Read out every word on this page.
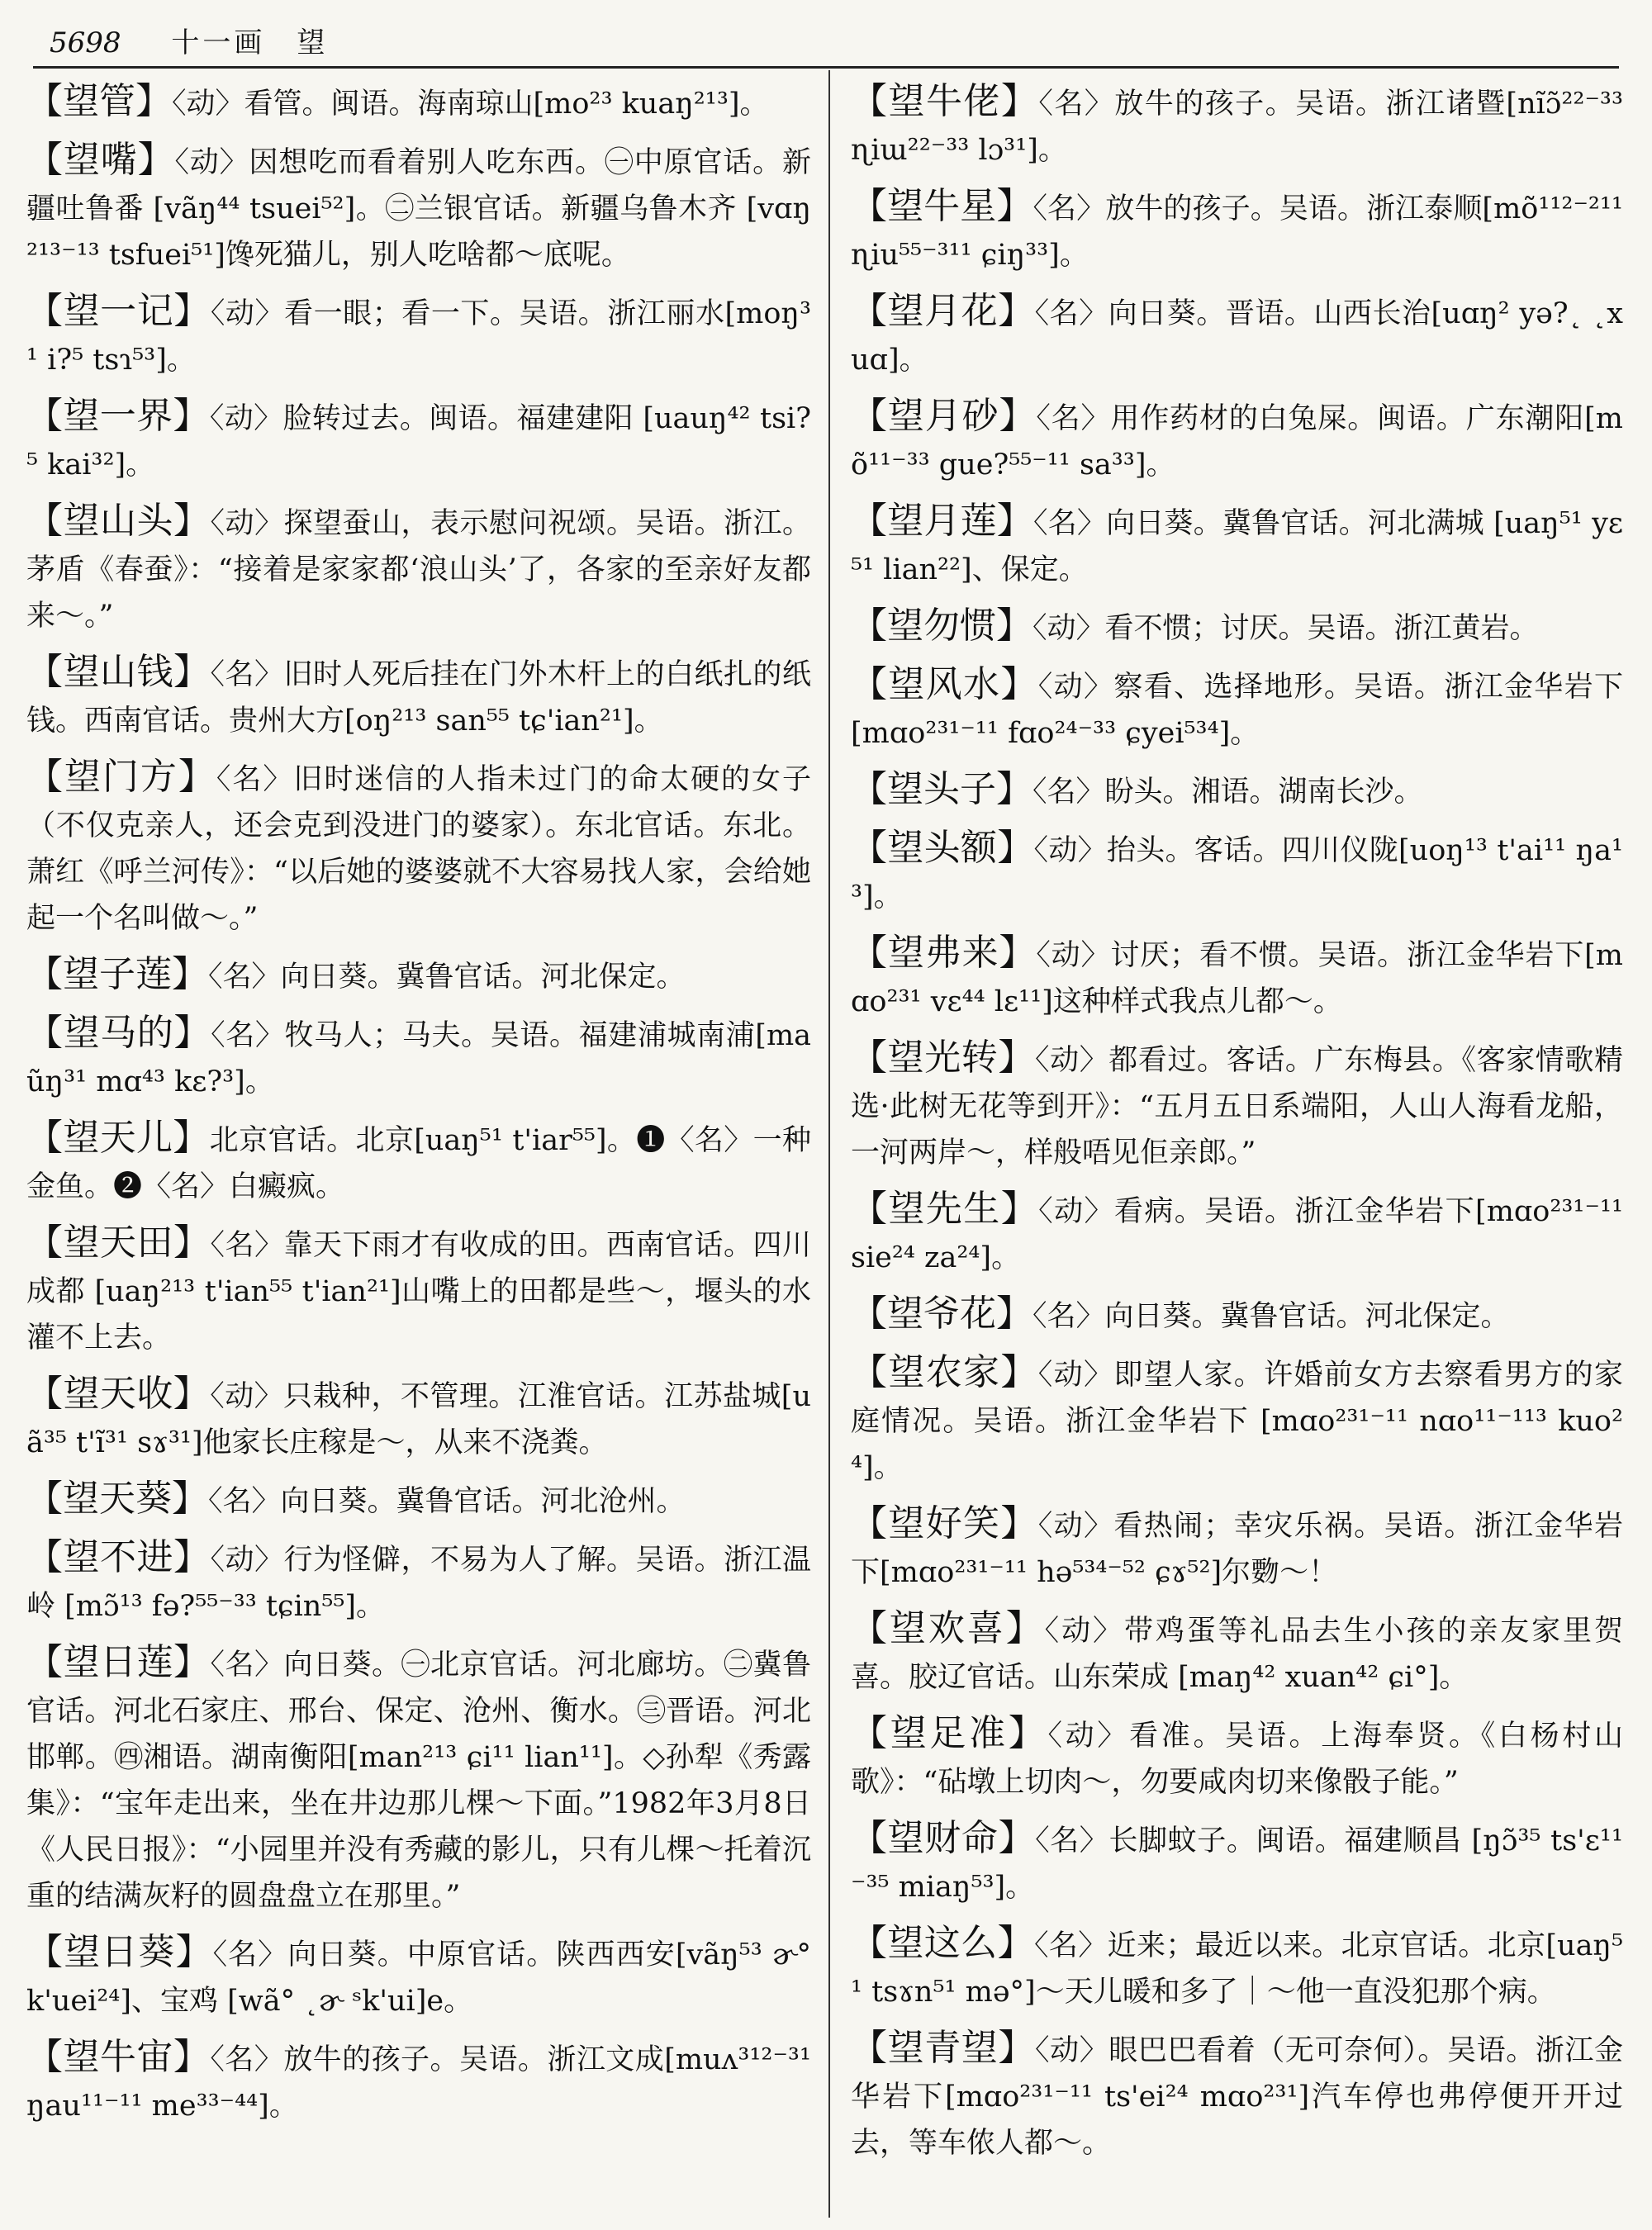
5698 十一画　望

【望管】〈动〉看管。闽语。海南琼山[mo²³ kuaŋ²¹³]。

【望嘴】〈动〉因想吃而看着别人吃东西。㊀中原官话。新疆吐鲁番 [vãŋ⁴⁴ tsuei⁵²]。㊁兰银官话。新疆乌鲁木齐 [vɑŋ²¹³⁻¹³ tsfuei⁵¹]馋死猫儿，别人吃啥都～底呢。

【望一记】〈动〉看一眼；看一下。吴语。浙江丽水[moŋ³¹ i?⁵ tsɿ⁵³]。

【望一界】〈动〉脸转过去。闽语。福建建阳 [uauŋ⁴² tsi?⁵ kai³²]。

【望山头】〈动〉探望蚕山，表示慰问祝颂。吴语。浙江。茅盾《春蚕》：“接着是家家都‘浪山头’了，各家的至亲好友都来～。”

【望山钱】〈名〉旧时人死后挂在门外木杆上的白纸扎的纸钱。西南官话。贵州大方[oŋ²¹³ san⁵⁵ tɕ'ian²¹]。

【望门方】〈名〉旧时迷信的人指未过门的命太硬的女子（不仅克亲人，还会克到没进门的婆家）。东北官话。东北。萧红《呼兰河传》：“以后她的婆婆就不大容易找人家，会给她起一个名叫做～。”

【望子莲】〈名〉向日葵。冀鲁官话。河北保定。

【望马的】〈名〉牧马人；马夫。吴语。福建浦城南浦[maũŋ³¹ mɑ⁴³ kɛ?³]。

【望天儿】北京官话。北京[uaŋ⁵¹ t'iar⁵⁵]。❶〈名〉一种金鱼。❷〈名〉白癜疯。

【望天田】〈名〉靠天下雨才有收成的田。西南官话。四川成都 [uaŋ²¹³ t'ian⁵⁵ t'ian²¹]山嘴上的田都是些～，堰头的水灌不上去。

【望天收】〈动〉只栽种，不管理。江淮官话。江苏盐城[uã³⁵ t'ĩ³¹ sɤ³¹]他家长庄稼是～，从来不浇粪。

【望天葵】〈名〉向日葵。冀鲁官话。河北沧州。

【望不进】〈动〉行为怪僻，不易为人了解。吴语。浙江温岭 [mɔ̃¹³ fə?⁵⁵⁻³³ tɕin⁵⁵]。

【望日莲】〈名〉向日葵。㊀北京官话。河北廊坊。㊁冀鲁官话。河北石家庄、邢台、保定、沧州、衡水。㊂晋语。河北邯郸。㊃湘语。湖南衡阳[man²¹³ ɕi¹¹ lian¹¹]。◇孙犁《秀露集》：“宝年走出来，坐在井边那儿棵～下面。”1982年3月8日《人民日报》：“小园里并没有秀藏的影儿，只有儿棵～托着沉重的结满灰籽的圆盘盘立在那里。”

【望日葵】〈名〉向日葵。中原官话。陕西西安[vãŋ⁵³ ɚ° k'uei²⁴]、宝鸡 [wã° ˛ɚ ˢk'ui]e。

【望牛宙】〈名〉放牛的孩子。吴语。浙江文成[muʌ³¹²⁻³¹ ŋau¹¹⁻¹¹ me³³⁻⁴⁴]。

【望牛佬】〈名〉放牛的孩子。吴语。浙江诸暨[nĩɔ̃²²⁻³³ ɳiɯ²²⁻³³ lɔ³¹]。

【望牛星】〈名〉放牛的孩子。吴语。浙江泰顺[mõ¹¹²⁻²¹¹ ɳiu⁵⁵⁻³¹¹ ɕiŋ³³]。

【望月花】〈名〉向日葵。晋语。山西长治[uɑŋ² yə?˛ ˛xuɑ]。

【望月砂】〈名〉用作药材的白兔屎。闽语。广东潮阳[mõ¹¹⁻³³ gue?⁵⁵⁻¹¹ sa³³]。

【望月莲】〈名〉向日葵。冀鲁官话。河北满城 [uaŋ⁵¹ yɛ⁵¹ lian²²]、保定。

【望勿惯】〈动〉看不惯；讨厌。吴语。浙江黄岩。

【望风水】〈动〉察看、选择地形。吴语。浙江金华岩下[mɑo²³¹⁻¹¹ fɑo²⁴⁻³³ ɕyei⁵³⁴]。

【望头子】〈名〉盼头。湘语。湖南长沙。

【望头额】〈动〉抬头。客话。四川仪陇[uoŋ¹³ t'ai¹¹ ŋa¹³]。

【望弗来】〈动〉讨厌；看不惯。吴语。浙江金华岩下[mɑo²³¹ vɛ⁴⁴ lɛ¹¹]这种样式我点儿都～。

【望光转】〈动〉都看过。客话。广东梅县。《客家情歌精选·此树无花等到开》：“五月五日系端阳，人山人海看龙船，一河两岸～，样般唔见佢亲郎。”

【望先生】〈动〉看病。吴语。浙江金华岩下[mɑo²³¹⁻¹¹ sie²⁴ za²⁴]。

【望爷花】〈名〉向日葵。冀鲁官话。河北保定。

【望农家】〈动〉即望人家。许婚前女方去察看男方的家庭情况。吴语。浙江金华岩下 [mɑo²³¹⁻¹¹ nɑo¹¹⁻¹¹³ kuo²⁴]。

【望好笑】〈动〉看热闹；幸灾乐祸。吴语。浙江金华岩下[mɑo²³¹⁻¹¹ hə⁵³⁴⁻⁵² ɕɤ⁵²]尔覅～！

【望欢喜】〈动〉带鸡蛋等礼品去生小孩的亲友家里贺喜。胶辽官话。山东荣成 [maŋ⁴² xuan⁴² ɕi°]。

【望足准】〈动〉看准。吴语。上海奉贤。《白杨村山歌》：“砧墩上切肉～，勿要咸肉切来像骰子能。”

【望财命】〈名〉长脚蚊子。闽语。福建顺昌 [ŋɔ̃³⁵ ts'ɛ¹¹⁻³⁵ miaŋ⁵³]。

【望这么】〈名〉近来；最近以来。北京官话。北京[uaŋ⁵¹ tsɤn⁵¹ mə°]～天儿暖和多了｜～他一直没犯那个病。

【望青望】〈动〉眼巴巴看着（无可奈何）。吴语。浙江金华岩下[mɑo²³¹⁻¹¹ ts'ei²⁴ mɑo²³¹]汽车停也弗停便开开过去，等车侬人都～。
